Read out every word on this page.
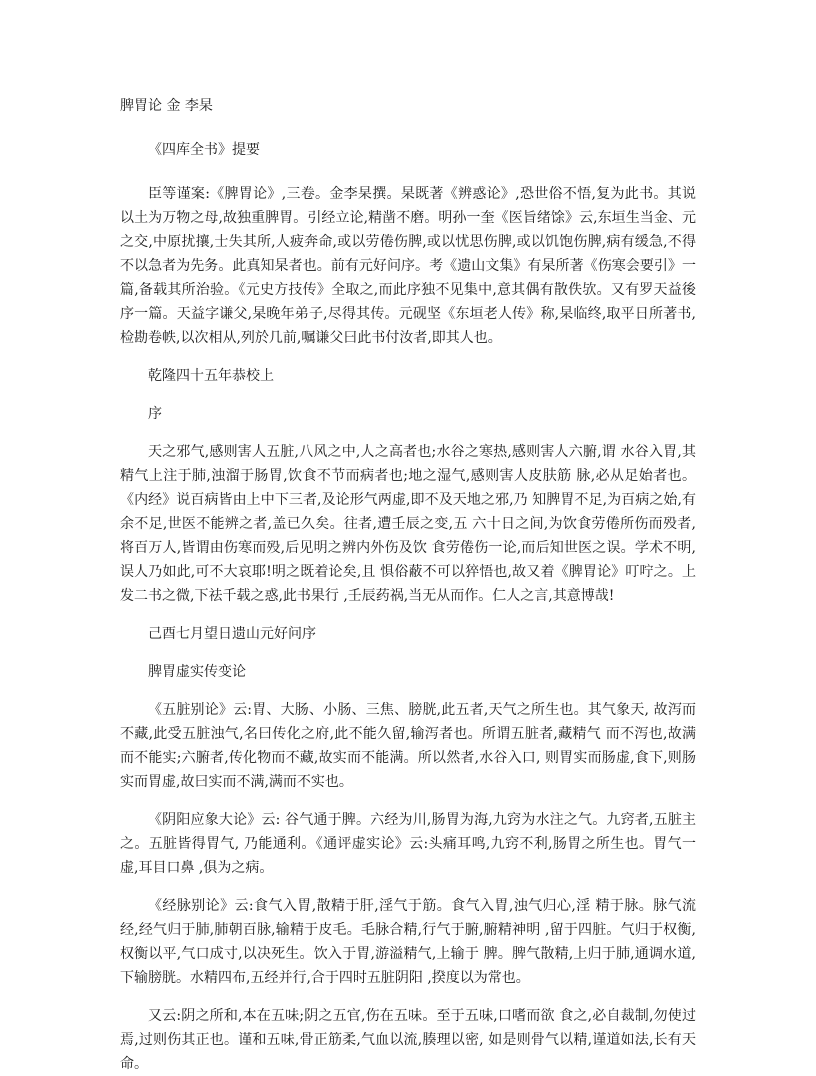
脾胃论 金 李杲

《四库全书》提要

臣等谨案:《脾胃论》,三卷。金李杲撰。杲既著《辨惑论》,恐世俗不悟,复为此书。其说以土为万物之母,故独重脾胃。引经立论,精凿不磨。明孙一奎《医旨绪馀》云,东垣生当金、元之交,中原扰攘,士失其所,人疲奔命,或以劳倦伤脾,或以忧思伤脾,或以饥饱伤脾,病有缓急,不得不以急者为先务。此真知杲者也。前有元好问序。考《遗山文集》有杲所著《伤寒会要引》一篇,备载其所治验。《元史方技传》全取之,而此序独不见集中,意其偶有散佚欤。又有罗天益後序一篇。天益字谦父,杲晚年弟子,尽得其传。元砚坚《东垣老人传》称,杲临终,取平日所著书,检勘卷帙,以次相从,列於几前,嘱谦父曰此书付汝者,即其人也。

乾隆四十五年恭校上

序

天之邪气,感则害人五脏,八风之中,人之高者也;水谷之寒热,感则害人六腑,谓 水谷入胃,其精气上注于肺,浊溜于肠胃,饮食不节而病者也;地之湿气,感则害人皮肤筋 脉,必从足始者也。《内经》说百病皆由上中下三者,及论形气两虚,即不及天地之邪,乃 知脾胃不足,为百病之始,有余不足,世医不能辨之者,盖已久矣。往者,遭壬辰之变,五 六十日之间,为饮食劳倦所伤而殁者,将百万人,皆谓由伤寒而殁,后见明之辨内外伤及饮 食劳倦伤一论,而后知世医之误。学术不明,误人乃如此,可不大哀耶!明之既着论矣,且 惧俗蔽不可以猝悟也,故又着《脾胃论》叮咛之。上发二书之微,下祛千载之惑,此书果行 ,壬辰药祸,当无从而作。仁人之言,其意博哉!

己酉七月望日遗山元好问序

脾胃虚实传变论

《五脏别论》云:胃、大肠、小肠、三焦、膀胱,此五者,天气之所生也。其气象天, 故泻而不藏,此受五脏浊气,名曰传化之府,此不能久留,输泻者也。所谓五脏者,藏精气 而不泻也,故满而不能实;六腑者,传化物而不藏,故实而不能满。所以然者,水谷入口, 则胃实而肠虚,食下,则肠实而胃虚,故曰实而不满,满而不实也。

《阴阳应象大论》云: 谷气通于脾。六经为川,肠胃为海,九窍为水注之气。九窍者,五脏主之。五脏皆得胃气, 乃能通利。《通评虚实论》云:头痛耳鸣,九窍不利,肠胃之所生也。胃气一虚,耳目口鼻 ,俱为之病。

《经脉别论》云:食气入胃,散精于肝,淫气于筋。食气入胃,浊气归心,淫 精于脉。脉气流经,经气归于肺,肺朝百脉,输精于皮毛。毛脉合精,行气于腑,腑精神明 ,留于四脏。气归于权衡,权衡以平,气口成寸,以决死生。饮入于胃,游溢精气,上输于 脾。脾气散精,上归于肺,通调水道,下输膀胱。水精四布,五经并行,合于四时五脏阴阳 ,揆度以为常也。

又云:阴之所和,本在五味;阴之五官,伤在五味。至于五味,口嗜而欲 食之,必自裁制,勿使过焉,过则伤其正也。谨和五味,骨正筋柔,气血以流,腠理以密, 如是则骨气以精,谨道如法,长有天命。
